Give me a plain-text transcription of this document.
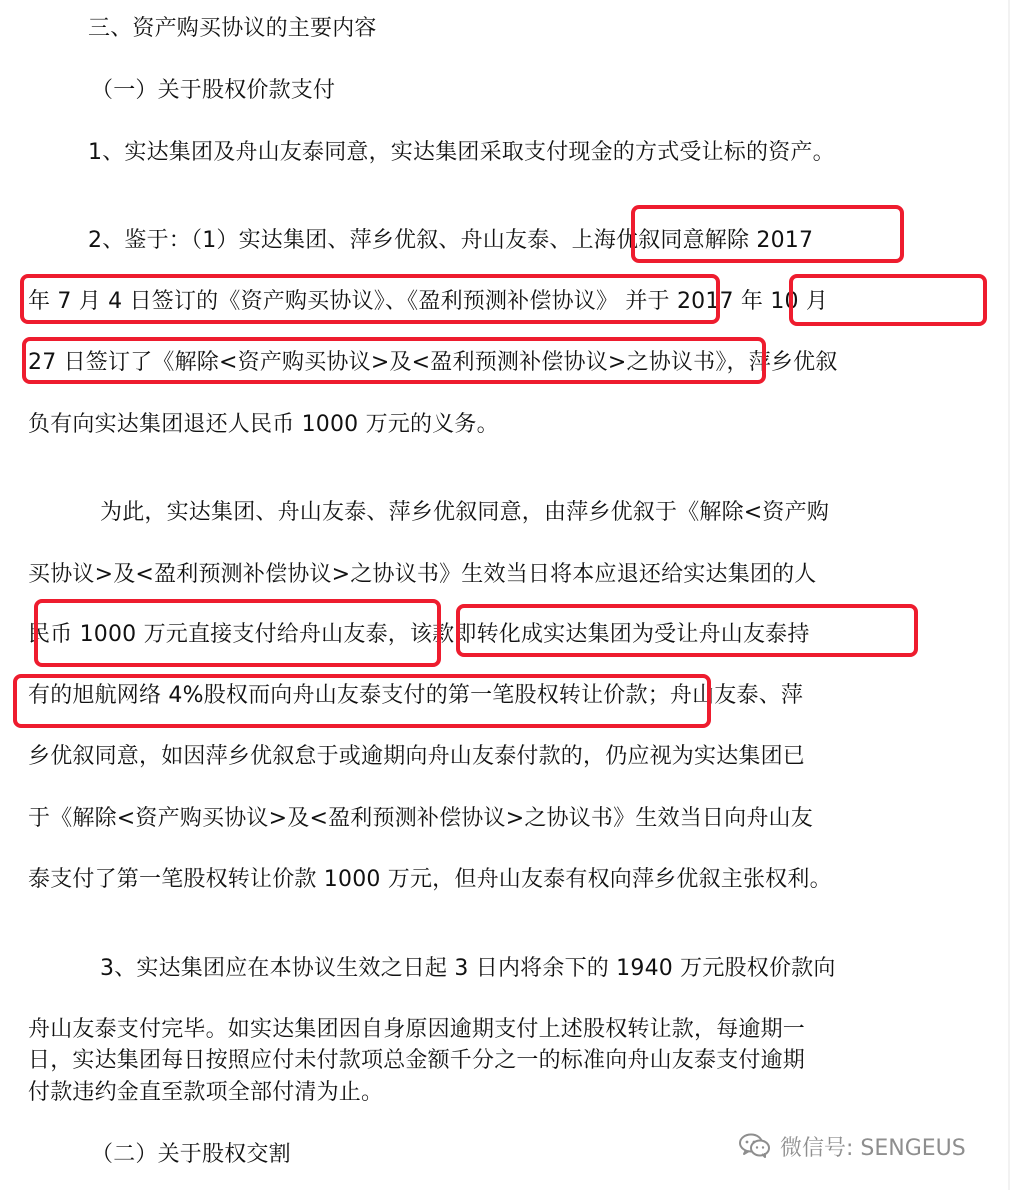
三、资产购买协议的主要内容
（一）关于股权价款支付
1、实达集团及舟山友泰同意，实达集团采取支付现金的方式受让标的资产。
2、鉴于：（1）实达集团、萍乡优叙、舟山友泰、上海优叙同意解除 2017
年 7 月 4 日签订的《资产购买协议》、《盈利预测补偿协议》 并于 2017 年 10 月
27 日签订了《解除<资产购买协议>及<盈利预测补偿协议>之协议书》，萍乡优叙
负有向实达集团退还人民币 1000 万元的义务。
为此，实达集团、舟山友泰、萍乡优叙同意，由萍乡优叙于《解除<资产购
买协议>及<盈利预测补偿协议>之协议书》生效当日将本应退还给实达集团的人
民币 1000 万元直接支付给舟山友泰，该款即转化成实达集团为受让舟山友泰持
有的旭航网络 4%股权而向舟山友泰支付的第一笔股权转让价款；舟山友泰、萍
乡优叙同意，如因萍乡优叙怠于或逾期向舟山友泰付款的，仍应视为实达集团已
于《解除<资产购买协议>及<盈利预测补偿协议>之协议书》生效当日向舟山友
泰支付了第一笔股权转让价款 1000 万元，但舟山友泰有权向萍乡优叙主张权利。
3、实达集团应在本协议生效之日起 3 日内将余下的 1940 万元股权价款向
舟山友泰支付完毕。如实达集团因自身原因逾期支付上述股权转让款，每逾期一
日，实达集团每日按照应付未付款项总金额千分之一的标准向舟山友泰支付逾期
付款违约金直至款项全部付清为止。
（二）关于股权交割	微信号: SENGEUS
